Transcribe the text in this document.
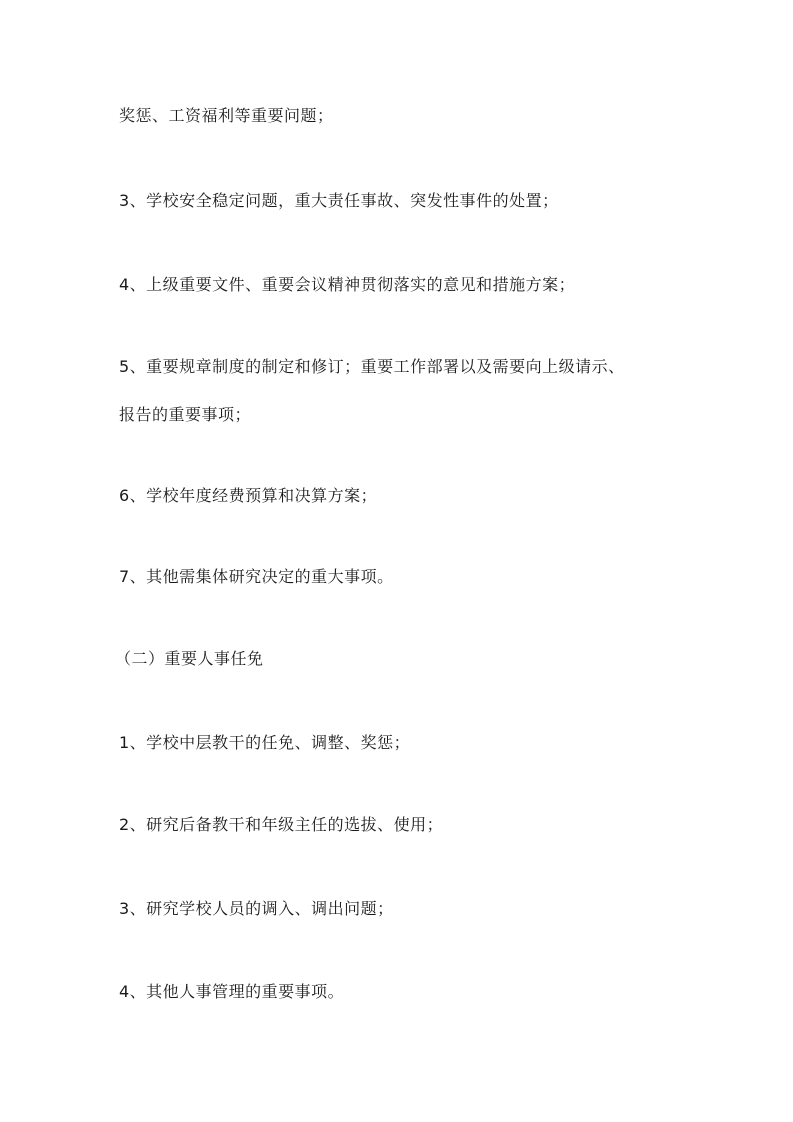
奖惩、工资福利等重要问题；
3、学校安全稳定问题，重大责任事故、突发性事件的处置；
4、上级重要文件、重要会议精神贯彻落实的意见和措施方案；
5、重要规章制度的制定和修订；重要工作部署以及需要向上级请示、
报告的重要事项；
6、学校年度经费预算和决算方案；
7、其他需集体研究决定的重大事项。
（二）重要人事任免
1、学校中层教干的任免、调整、奖惩；
2、研究后备教干和年级主任的选拔、使用；
3、研究学校人员的调入、调出问题；
4、其他人事管理的重要事项。
